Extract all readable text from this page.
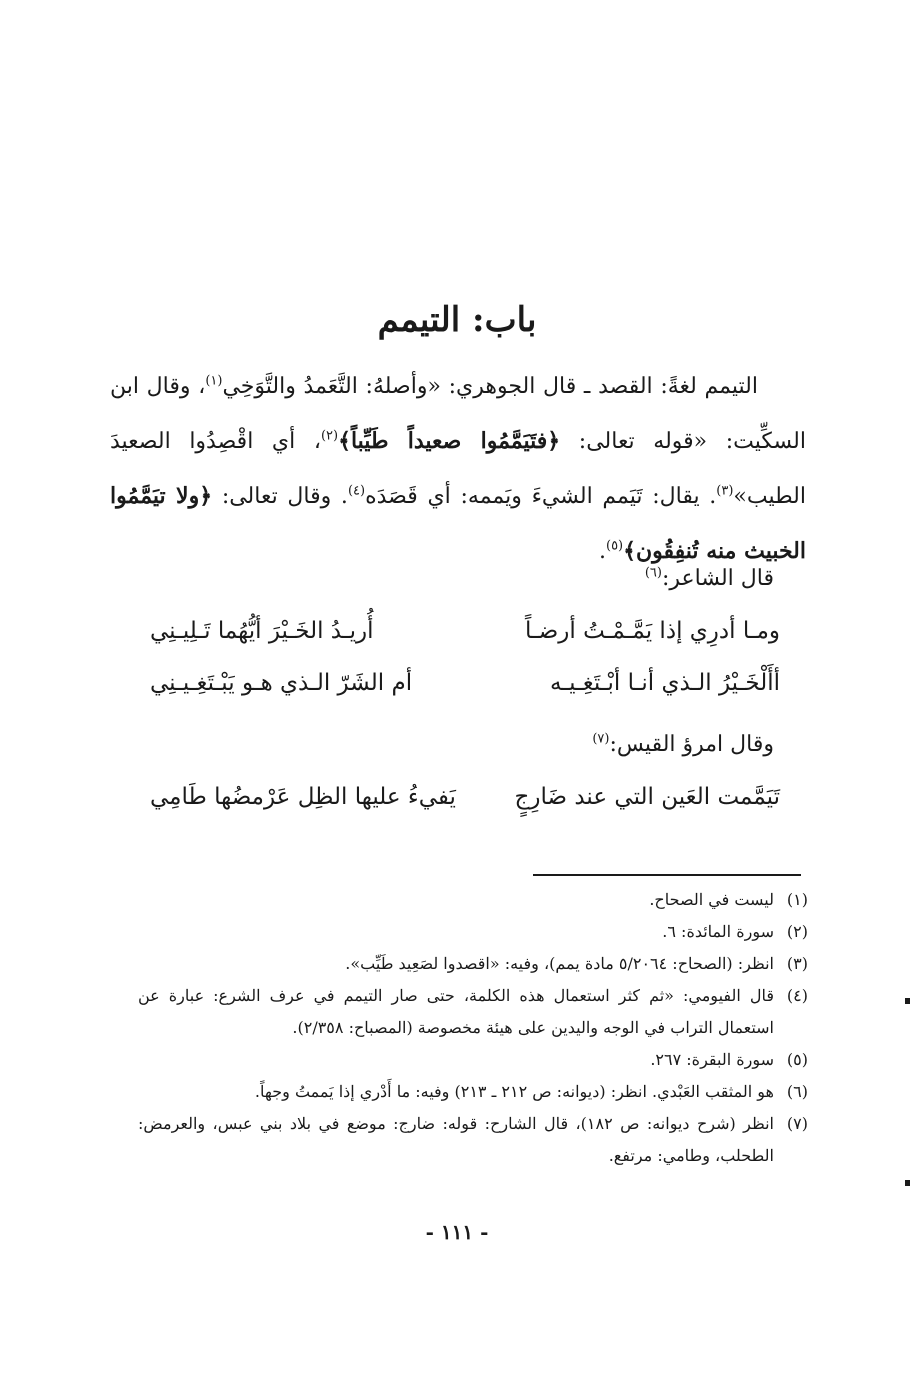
باب: التيمم

التيمم لغةً: القصد ـ قال الجوهري: «وأصلهُ: التَّعَمدُ والتَّوَخِي$^{(١)}$، وقال ابن السكِّيت: «قوله تعالى: ﴿فتَيَمَّمُوا صعيداً طَيِّباً﴾$^{(٢)}$، أي اقْصِدُوا الصعيدَ الطيب»$^{(٣)}$. يقال: تَيَمم الشيءَ ويَممه: أي قَصَدَه$^{(٤)}$. وقال تعالى: ﴿ولا تيَمَّمُوا الخبيث منه تُنفِقُون﴾$^{(٥)}$.

قال الشاعر:$^{(٦)}$

ومـا أدرِي إذا يَمَّـمْـتُ أرضـاً
أُريـدُ الخَـيْرَ أيُّهُما تَـلِيـنِي
أأَلْخَـيْرُ الـذي أنـا أبْـتَغِـيـه
أم الشَرّ الـذي هـو يَبْـتَغِـيـنِي

وقال امرؤ القيس:$^{(٧)}$

تَيَمَّمت العَين التي عند ضَارِجٍ
يَفيءُ عليها الظِل عَرْمضُها طَامِي
(١)
ليست في الصحاح.
(٢)
سورة المائدة: ٦.
(٣)
انظر: (الصحاح: ٥/٢٠٦٤ مادة يمم)، وفيه: «اقصدوا لصَعِيد طَيِّب».
(٤)
قال الفيومي: «ثم كثر استعمال هذه الكلمة، حتى صار التيمم في عرف الشرع: عبارة عن استعمال التراب في الوجه واليدين على هيئة مخصوصة (المصباح: ٢/٣٥٨).
(٥)
سورة البقرة: ٢٦٧.
(٦)
هو المثقب العَبْدي. انظر: (ديوانه: ص ٢١٢ ـ ٢١٣) وفيه: ما أَدْري إذا يَممتُ وجهاً.
(٧)
انظر (شرح ديوانه: ص ١٨٢)، قال الشارح: قوله: ضارج: موضع في بلاد بني عبس، والعرمض: الطحلب، وطامي: مرتفع.
- ١١١ -
